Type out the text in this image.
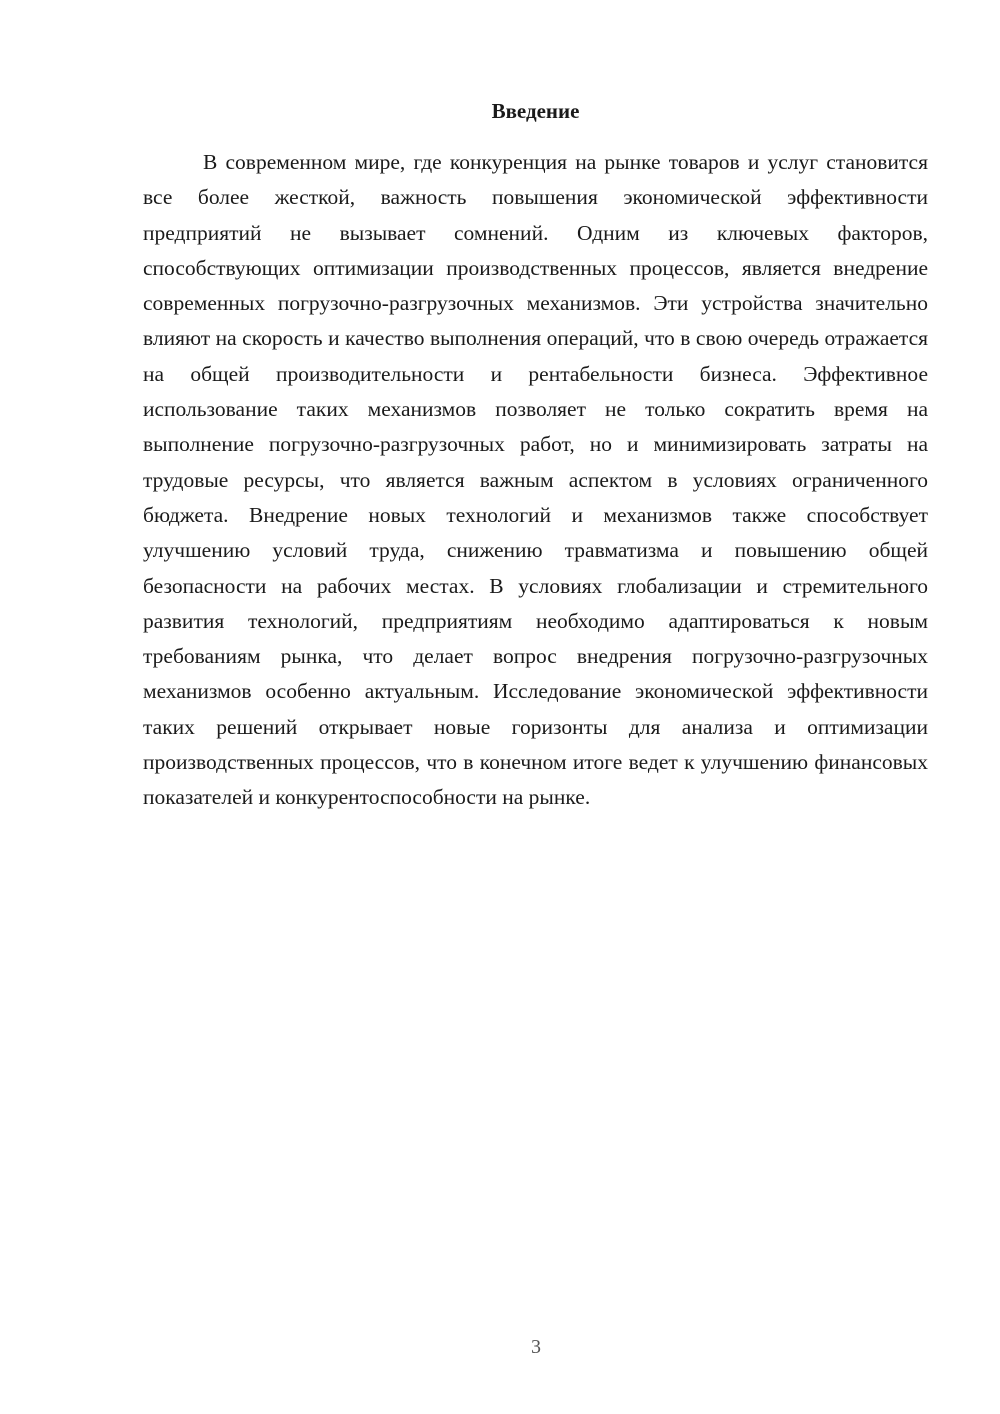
Введение

В современном мире, где конкуренция на рынке товаров и услуг становится все более жесткой, важность повышения экономической эффективности предприятий не вызывает сомнений. Одним из ключевых факторов, способствующих оптимизации производственных процессов, является внедрение современных погрузочно-разгрузочных механизмов. Эти устройства значительно влияют на скорость и качество выполнения операций, что в свою очередь отражается на общей производительности и рентабельности бизнеса. Эффективное использование таких механизмов позволяет не только сократить время на выполнение погрузочно-разгрузочных работ, но и минимизировать затраты на трудовые ресурсы, что является важным аспектом в условиях ограниченного бюджета. Внедрение новых технологий и механизмов также способствует улучшению условий труда, снижению травматизма и повышению общей безопасности на рабочих местах. В условиях глобализации и стремительного развития технологий, предприятиям необходимо адаптироваться к новым требованиям рынка, что делает вопрос внедрения погрузочно-разгрузочных механизмов особенно актуальным. Исследование экономической эффективности таких решений открывает новые горизонты для анализа и оптимизации производственных процессов, что в конечном итоге ведет к улучшению финансовых показателей и конкурентоспособности на рынке.

3
